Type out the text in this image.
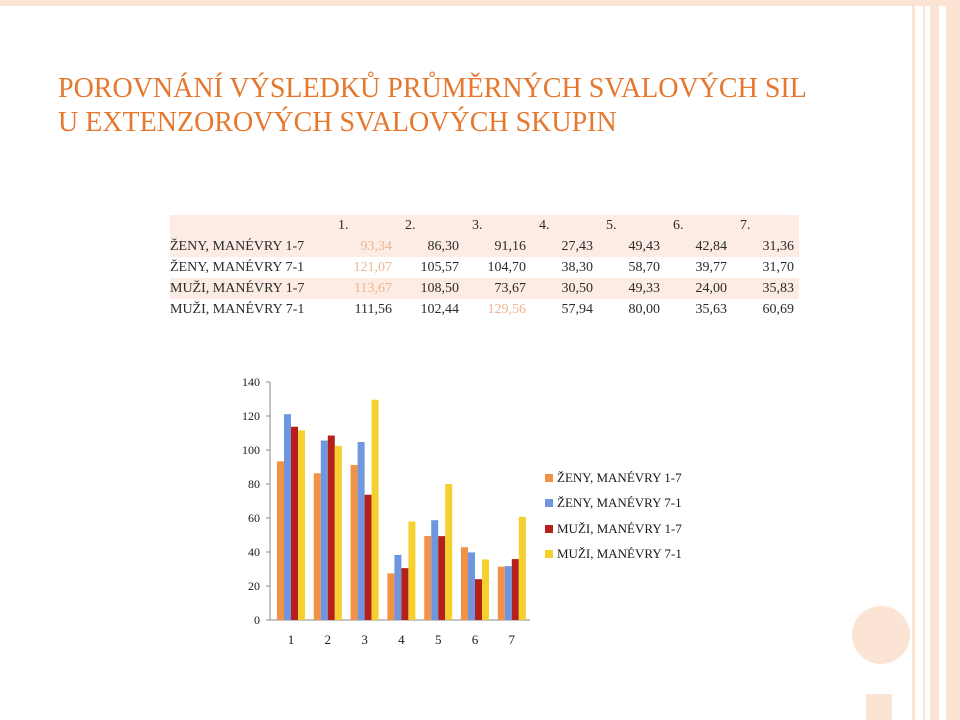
POROVNÁNÍ VÝSLEDKŮ PRŮMĚRNÝCH SVALOVÝCH SIL
U EXTENZOROVÝCH SVALOVÝCH SKUPIN
	1.	2.	3.	4.	5.	6.	7.
ŽENY, MANÉVRY 1-7	93,34	86,30	91,16	27,43	49,43	42,84	31,36
ŽENY, MANÉVRY 7-1	121,07	105,57	104,70	38,30	58,70	39,77	31,70
MUŽI, MANÉVRY 1-7	113,67	108,50	73,67	30,50	49,33	24,00	35,83
MUŽI, MANÉVRY 7-1	111,56	102,44	129,56	57,94	80,00	35,63	60,69
0
20
40
60
80
100
120
140
1 2 3 4 5 6 7
ŽENY, MANÉVRY 1-7
ŽENY, MANÉVRY 7-1
MUŽI, MANÉVRY 1-7
MUŽI, MANÉVRY 7-1
